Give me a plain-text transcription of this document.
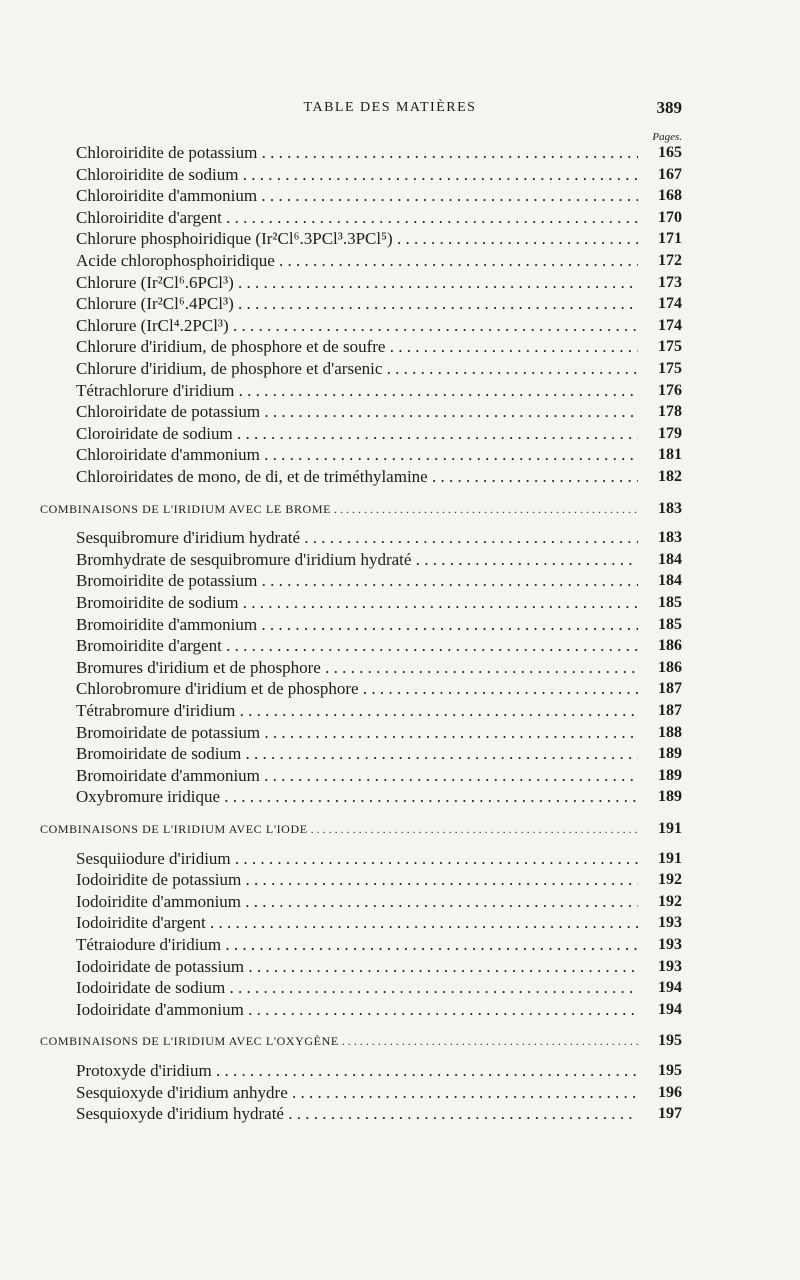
TABLE DES MATIÈRES	389
Pages.
Chloroiridite de potassium . . .	165
Chloroiridite de sodium . . .	167
Chloroiridite d'ammonium . . .	168
Chloroiridite d'argent . . .	170
Chlorure phosphoiridique (Ir²Cl⁶.3PCl³.3PCl⁵) . . .	171
Acide chlorophosphoiridique . . .	172
Chlorure (Ir²Cl⁶.6PCl³) . . .	173
Chlorure (Ir²Cl⁶.4PCl³) . . .	174
Chlorure (IrCl⁴.2PCl³) . . .	174
Chlorure d'iridium, de phosphore et de soufre . . .	175
Chlorure d'iridium, de phosphore et d'arsenic . . .	175
Tétrachlorure d'iridium . . .	176
Chloroiridate de potassium . . .	178
Cloroiridate de sodium . . .	179
Chloroiridate d'ammonium . . .	181
Chloroiridates de mono, de di, et de triméthylamine . . .	182
COMBINAISONS DE L'IRIDIUM AVEC LE BROME . . .	183
Sesquibromure d'iridium hydraté . . .	183
Bromhydrate de sesquibromure d'iridium hydraté . . .	184
Bromoiridite de potassium . . .	184
Bromoiridite de sodium . . .	185
Bromoiridite d'ammonium . . .	185
Bromoiridite d'argent . . .	186
Bromures d'iridium et de phosphore . . .	186
Chlorobromure d'iridium et de phosphore . . .	187
Tétrabromure d'iridium . . .	187
Bromoiridate de potassium . . .	188
Bromoiridate de sodium . . .	189
Bromoiridate d'ammonium . . .	189
Oxybromure iridique . . .	189
COMBINAISONS DE L'IRIDIUM AVEC L'IODE . . .	191
Sesquiiodure d'iridium . . .	191
Iodoiridite de potassium . . .	192
Iodoiridite d'ammonium . . .	192
Iodoiridite d'argent . . .	193
Tétraiodure d'iridium . . .	193
Iodoiridate de potassium . . .	193
Iodoiridate de sodium . . .	194
Iodoiridate d'ammonium . . .	194
COMBINAISONS DE L'IRIDIUM AVEC L'OXYGÈNE . . .	195
Protoxyde d'iridium . . .	195
Sesquioxyde d'iridium anhydre . . .	196
Sesquioxyde d'iridium hydraté . . .	197
